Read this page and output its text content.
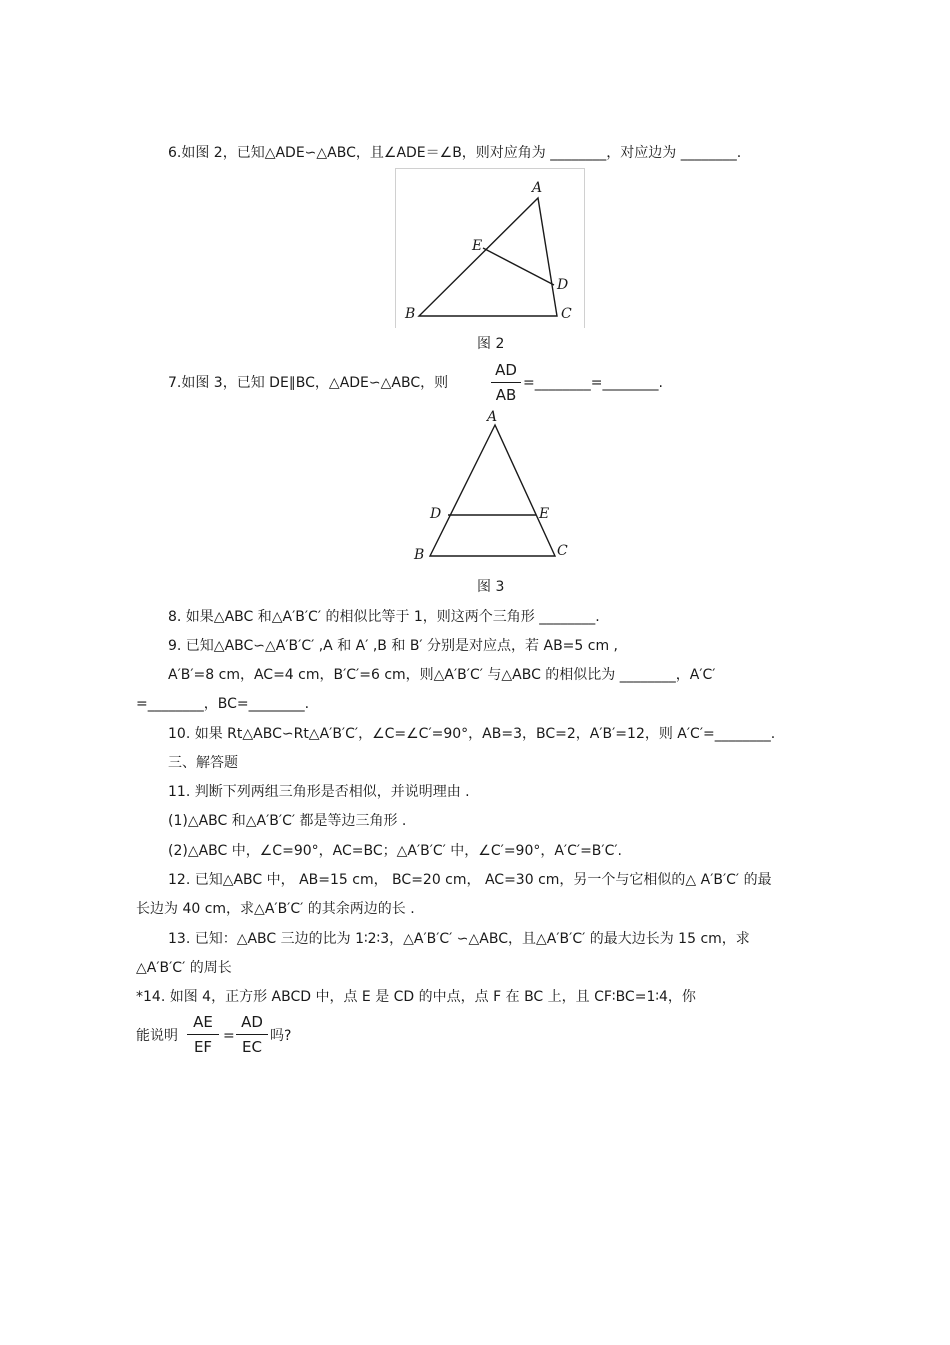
6.如图 2，已知△ADE∽△ABC，且∠ADE＝∠B，则对应角为 ________，对应边为 ________.
A
E
D
B	C
图 2
7.如图 3，已知 DE∥BC，△ADE∽△ABC，则
AD
AB
=________=________.
A
D	E
B	C
图 3
8. 如果△ABC 和△A′B′C′ 的相似比等于 1，则这两个三角形 ________.
9. 已知△ABC∽△A′B′C′ ,A 和 A′ ,B 和 B′ 分别是对应点，若 AB=5 cm ,
A′B′=8 cm，AC=4 cm，B′C′=6 cm，则△A′B′C′ 与△ABC 的相似比为 ________，A′C′
=________，BC=________.
10. 如果 Rt△ABC∽Rt△A′B′C′，∠C=∠C′=90°，AB=3，BC=2，A′B′=12，则 A′C′=________.
三、解答题
11. 判断下列两组三角形是否相似，并说明理由 .
(1)△ABC 和△A′B′C′ 都是等边三角形 .
(2)△ABC 中，∠C=90°，AC=BC；△A′B′C′ 中，∠C′=90°，A′C′=B′C′.
12. 已知△ABC 中， AB=15 cm， BC=20 cm， AC=30 cm，另一个与它相似的△ A′B′C′ 的最
长边为 40 cm，求△A′B′C′ 的其余两边的长 .
13. 已知：△ABC 三边的比为 1∶2∶3，△A′B′C′ ∽△ABC，且△A′B′C′ 的最大边长为 15 cm，求
△A′B′C′ 的周长
*14. 如图 4，正方形 ABCD 中，点 E 是 CD 的中点，点 F 在 BC 上，且 CF∶BC=1∶4，你
能说明
AE
EF
=
AD
EC
吗?
